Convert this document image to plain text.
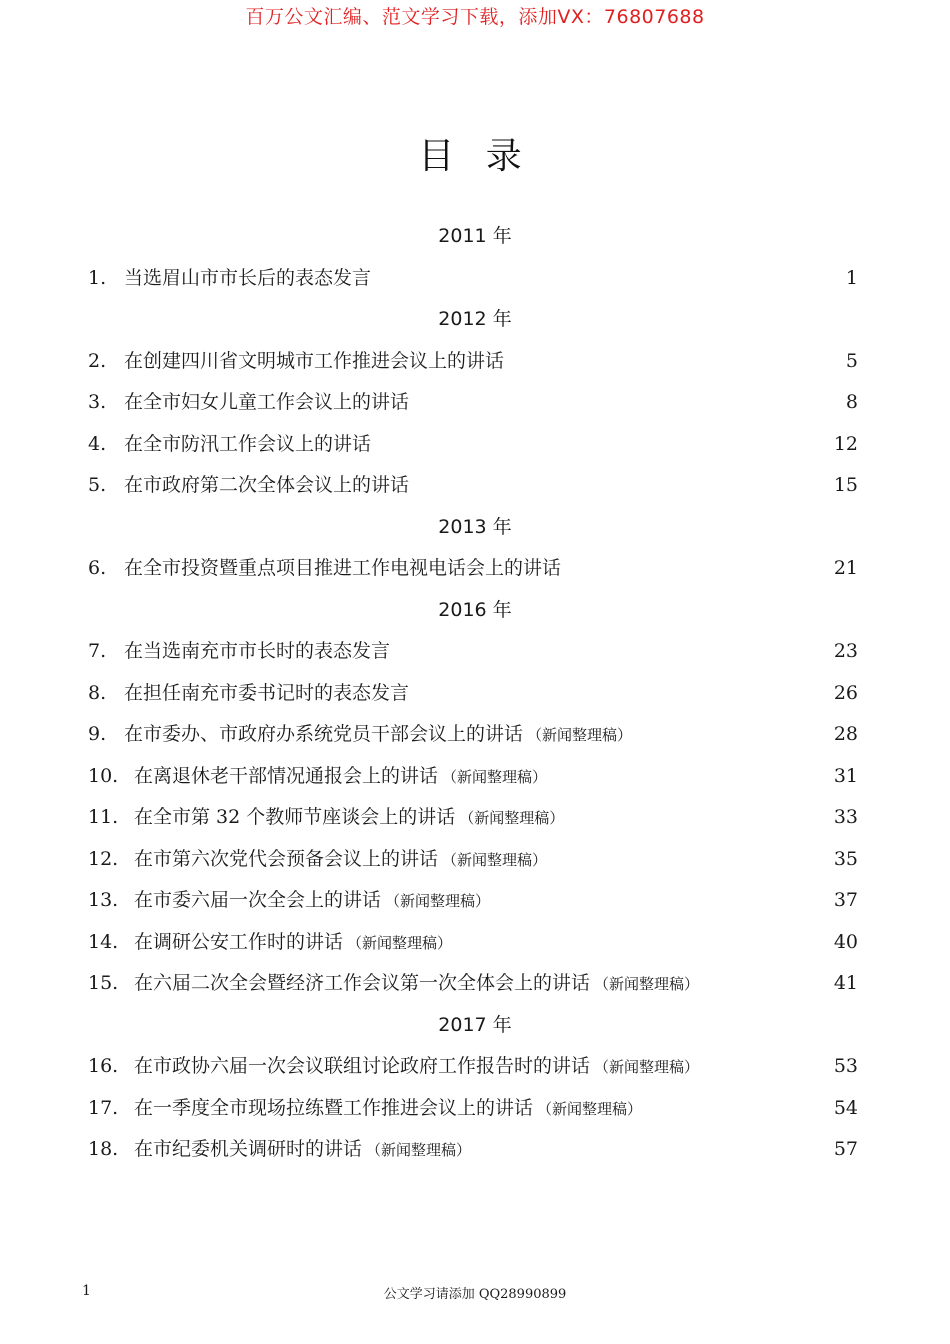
百万公文汇编、范文学习下载，添加VX：76807688
目 录
2011 年
1. 当选眉山市市长后的表态发言	1
2012 年
2. 在创建四川省文明城市工作推进会议上的讲话	5
3. 在全市妇女儿童工作会议上的讲话	8
4. 在全市防汛工作会议上的讲话	12
5. 在市政府第二次全体会议上的讲话	15
2013 年
6. 在全市投资暨重点项目推进工作电视电话会上的讲话	21
2016 年
7. 在当选南充市市长时的表态发言	23
8. 在担任南充市委书记时的表态发言	26
9. 在市委办、市政府办系统党员干部会议上的讲话 （新闻整理稿）	28
10. 在离退休老干部情况通报会上的讲话 （新闻整理稿）	31
11. 在全市第 32 个教师节座谈会上的讲话 （新闻整理稿）	33
12. 在市第六次党代会预备会议上的讲话 （新闻整理稿）	35
13. 在市委六届一次全会上的讲话 （新闻整理稿）	37
14. 在调研公安工作时的讲话 （新闻整理稿）	40
15. 在六届二次全会暨经济工作会议第一次全体会上的讲话 （新闻整理稿）	41
2017 年
16. 在市政协六届一次会议联组讨论政府工作报告时的讲话 （新闻整理稿）	53
17. 在一季度全市现场拉练暨工作推进会议上的讲话 （新闻整理稿）	54
18. 在市纪委机关调研时的讲话 （新闻整理稿）	57
1	公文学习请添加 QQ28990899
